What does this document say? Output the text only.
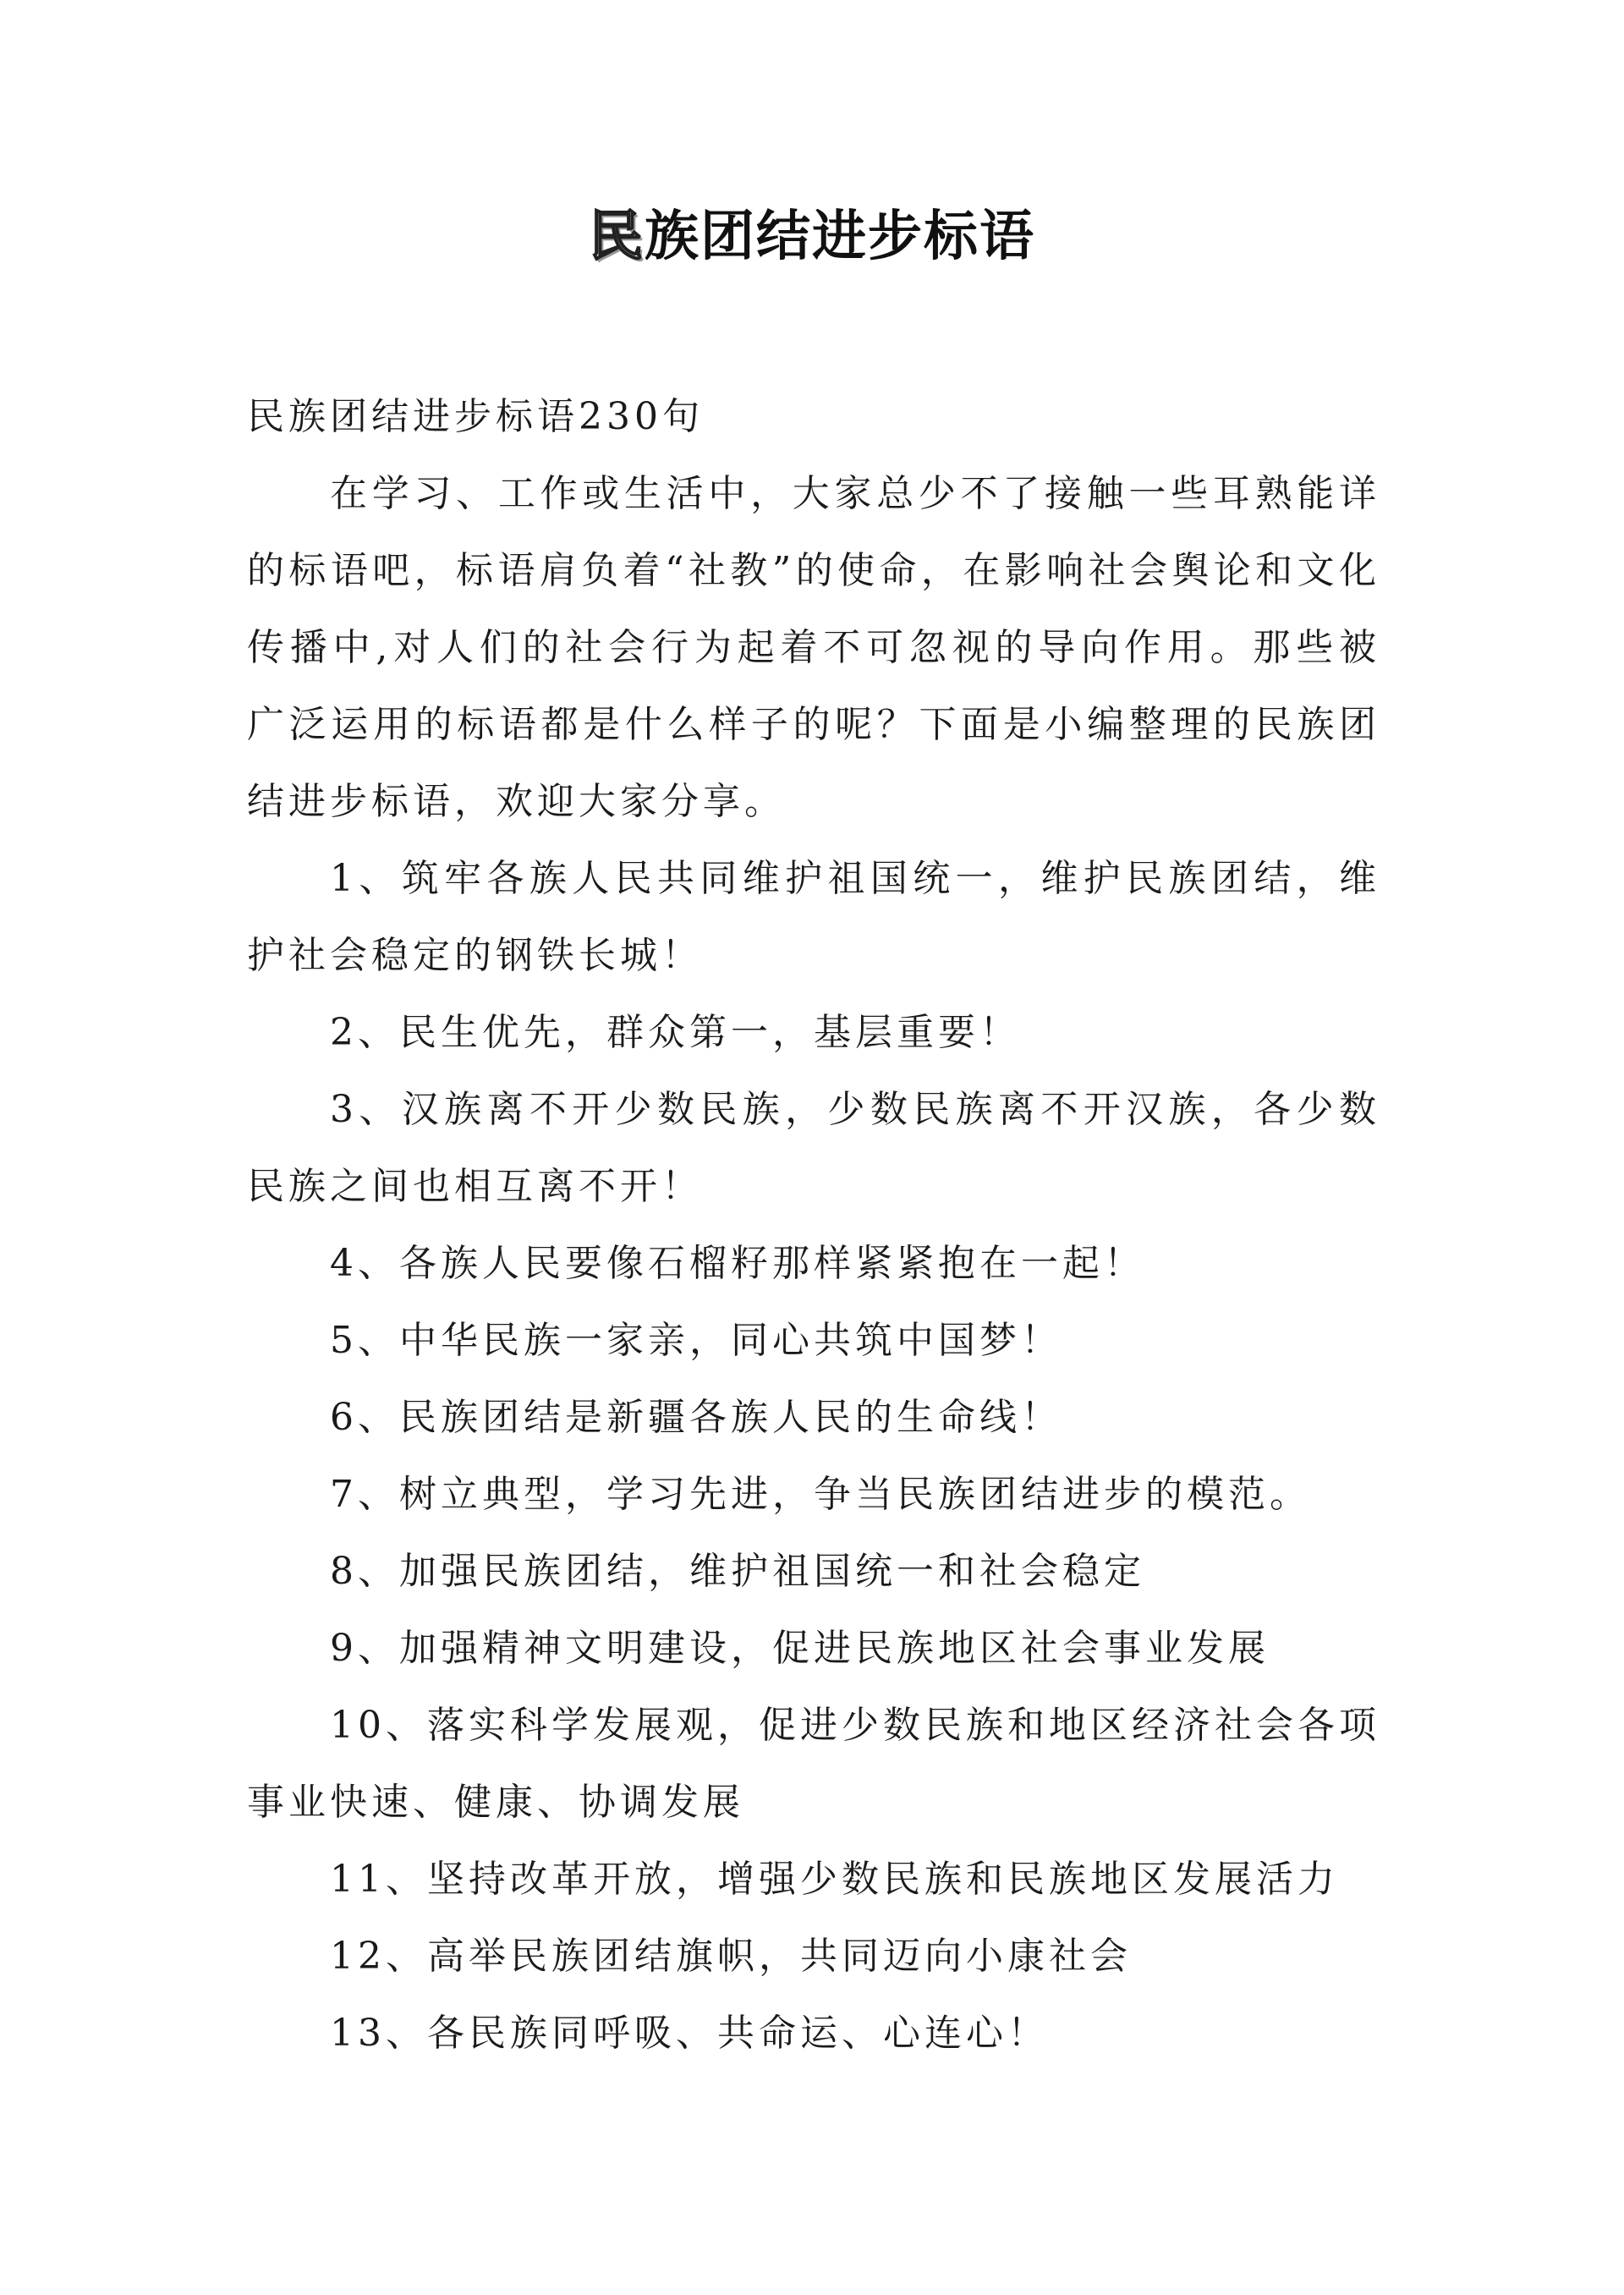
民族团结进步标语

民族团结进步标语230句

在学习、工作或生活中，大家总少不了接触一些耳熟能详的标语吧，标语肩负着“社教”的使命，在影响社会舆论和文化传播中,对人们的社会行为起着不可忽视的导向作用。那些被广泛运用的标语都是什么样子的呢？下面是小编整理的民族团结进步标语，欢迎大家分享。

1、筑牢各族人民共同维护祖国统一，维护民族团结，维护社会稳定的钢铁长城！

2、民生优先，群众第一，基层重要！

3、汉族离不开少数民族，少数民族离不开汉族，各少数民族之间也相互离不开！

4、各族人民要像石榴籽那样紧紧抱在一起！

5、中华民族一家亲，同心共筑中国梦！

6、民族团结是新疆各族人民的生命线！

7、树立典型，学习先进，争当民族团结进步的模范。

8、加强民族团结，维护祖国统一和社会稳定

9、加强精神文明建设，促进民族地区社会事业发展

10、落实科学发展观，促进少数民族和地区经济社会各项事业快速、健康、协调发展

11、坚持改革开放，增强少数民族和民族地区发展活力

12、高举民族团结旗帜，共同迈向小康社会

13、各民族同呼吸、共命运、心连心！
